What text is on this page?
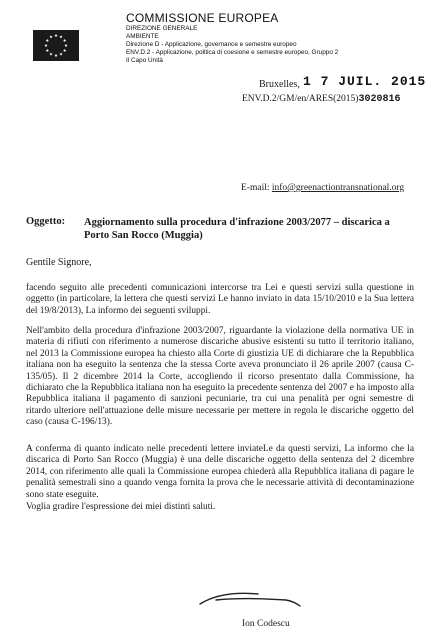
COMMISSIONE EUROPEA
DIREZIONE GENERALE
AMBIENTE
Direzione D - Applicazione, governance e semestre europeo
ENV.D.2 - Applicazione, politica di coesione e semestre europeo, Gruppo 2
Il Capo Unità
Bruxelles, 1 7 JUIL. 2015
ENV.D.2/GM/en/ARES(2015)3020816
E-mail: info@greenactiontransnational.org
Oggetto: Aggiornamento sulla procedura d'infrazione 2003/2077 – discarica a Porto San Rocco (Muggia)
Gentile Signore,
facendo seguito alle precedenti comunicazioni intercorse tra Lei e questi servizi sulla questione in oggetto (in particolare, la lettera che questi servizi Le hanno inviato in data 15/10/2010 e la Sua lettera del 19/8/2013), La informo dei seguenti sviluppi.
Nell'ambito della procedura d'infrazione 2003/2007, riguardante la violazione della normativa UE in materia di rifiuti con riferimento a numerose discariche abusive esistenti su tutto il territorio italiano, nel 2013 la Commissione europea ha chiesto alla Corte di giustizia UE di dichiarare che la Repubblica italiana non ha eseguito la sentenza che la stessa Corte aveva pronunciato il 26 aprile 2007 (causa C-135/05). Il 2 dicembre 2014 la Corte, accogliendo il ricorso presentato dalla Commissione, ha dichiarato che la Repubblica italiana non ha eseguito la precedente sentenza del 2007 e ha imposto alla Repubblica italiana il pagamento di sanzioni pecuniarie, tra cui una penalità per ogni semestre di ritardo ulteriore nell'attuazione delle misure necessarie per mettere in regola le discariche oggetto del caso (causa C-196/13).
A conferma di quanto indicato nelle precedenti lettere inviateLe da questi servizi, La informo che la discarica di Porto San Rocco (Muggia) è una delle discariche oggetto della sentenza del 2 dicembre 2014, con riferimento alle quali la Commissione europea chiederà alla Repubblica italiana di pagare le penalità semestrali sino a quando venga fornita la prova che le necessarie attività di decontaminazione sono state eseguite.
Voglia gradire l'espressione dei miei distinti saluti.
Ion Codescu
